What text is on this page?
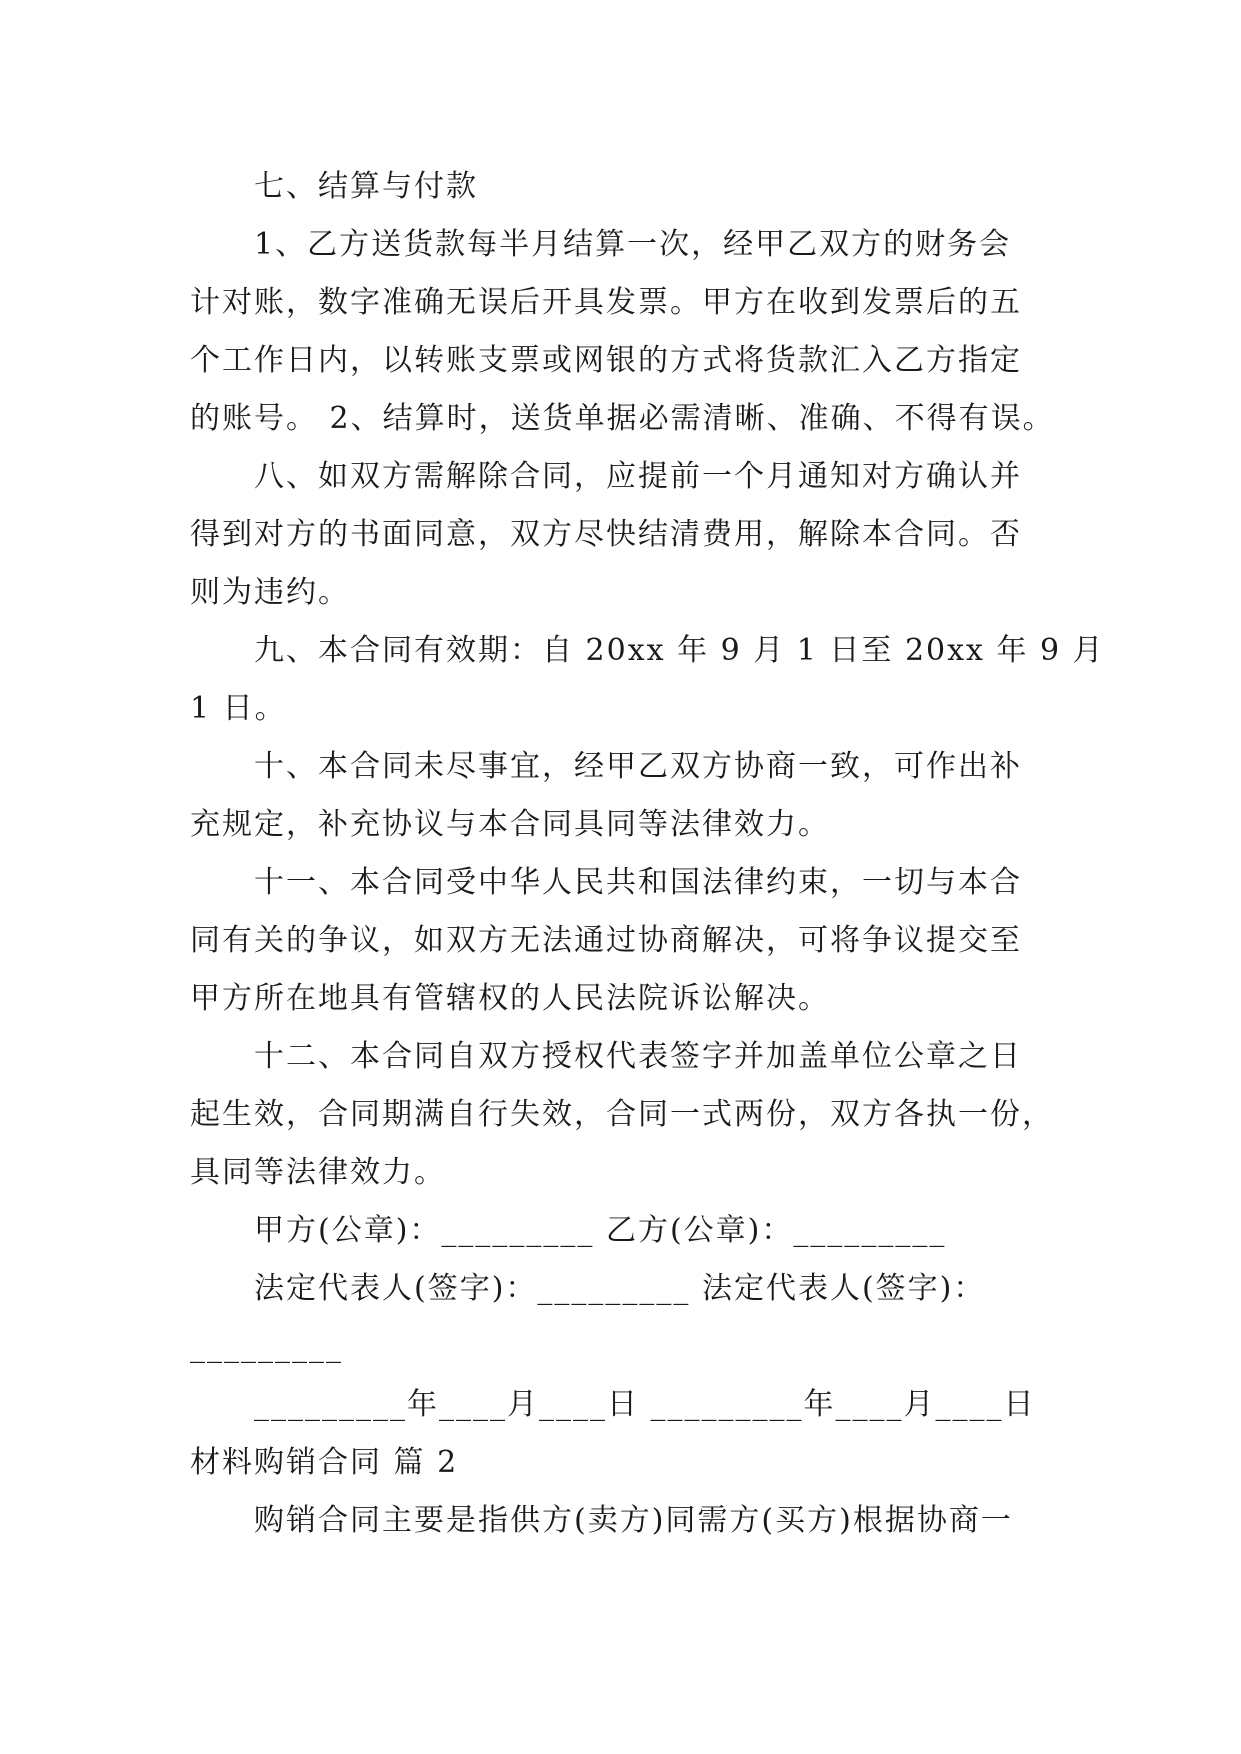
七、结算与付款

1、乙方送货款每半月结算一次，经甲乙双方的财务会

计对账，数字准确无误后开具发票。甲方在收到发票后的五

个工作日内，以转账支票或网银的方式将货款汇入乙方指定

的账号。 2、结算时，送货单据必需清晰、准确、不得有误。

八、如双方需解除合同，应提前一个月通知对方确认并

得到对方的书面同意，双方尽快结清费用，解除本合同。否

则为违约。

九、本合同有效期：自 20xx 年 9 月 1 日至 20xx 年 9 月

1 日。

十、本合同未尽事宜，经甲乙双方协商一致，可作出补

充规定，补充协议与本合同具同等法律效力。

十一、本合同受中华人民共和国法律约束，一切与本合

同有关的争议，如双方无法通过协商解决，可将争议提交至

甲方所在地具有管辖权的人民法院诉讼解决。

十二、本合同自双方授权代表签字并加盖单位公章之日

起生效，合同期满自行失效，合同一式两份，双方各执一份，

具同等法律效力。

甲方(公章)：_________ 乙方(公章)：_________

法定代表人(签字)：_________ 法定代表人(签字)：

_________

_________年____月____日 _________年____月____日

材料购销合同 篇 2

购销合同主要是指供方(卖方)同需方(买方)根据协商一
